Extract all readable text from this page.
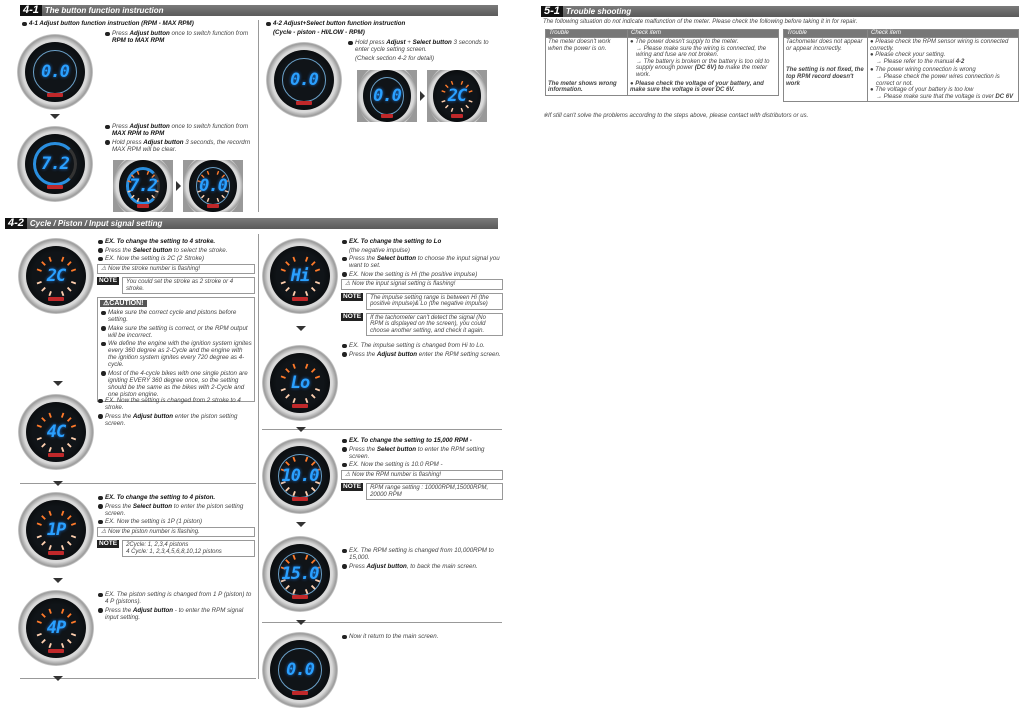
4-1 The button function instruction

4-1 Adjust button function instruction (RPM - MAX RPM)

0.0

Press Adjust button once to switch function from RPM to MAX RPM

7.2

Press Adjust button once to switch function from MAX RPM to RPM

Hold press Adjust button 3 seconds, the recordrn MAX RPM will be clear.

7.2 0.0

4-2 Adjust+Select button function instruction

(Cycle - piston - HI/LOW - RPM)

0.0

Hold press Adjust + Select button 3 seconds to enter cycle setting screen.

(Check section 4-2 for detail)

0.0	2C
4-2 Cycle / Piston / Input signal setting
2C

EX. To change the setting to 4 stroke.

Press the Select button to select the stroke.

EX. Now the setting is 2C (2 Stroke)

⚠ Now the stroke number is flashing!
NOTE	You could set the stroke as 2 stroke or 4 stroke.
⚠CAUTION!

Make sure the correct cycle and pistons before setting.

Make sure the setting is correct, or the RPM output will be incorrect.

We define the engine with the ignition system ignites every 360 degree as 2-Cycle and the engine with the ignition system ignites every 720 degree as 4-cycle.

Most of the 4-cycle bikes with one single piston are igniting EVERY 360 degree once, so the setting should be the same as the bikes with 2-Cycle and one piston engine.

4C

EX. Now the setting is changed from 2 stroke to 4 stroke.

Press the Adjust button enter the piston setting screen.

1P

EX. To change the setting to 4 piston.

Press the Select button to enter the piston setting screen.

EX. Now the setting is 1P (1 piston)

⚠ Now the piston number is flashing.
NOTE	2Cycle: 1, 2,3,4 pistons
4 Cycle: 1, 2,3,4,5,6,8,10,12 pistons
4P

EX. The piston setting is changed from 1 P (piston) to 4 P (pistons).

Press the Adjust button - to enter the RPM signal input setting.

Hi

EX. To change the setting to Lo

(the negative impulse)

Press the Select button to choose the input signal you want to set.

EX. Now the setting is Hi (the positive impulse)

⚠ Now the input signal setting is flashing!
NOTE	The impulse setting range is between Hi (the positive impulse)& Lo (the negative impulse)
NOTE	If the tachometer can't detect the signal (No RPM is displayed on the screen), you could choose another setting, and check it again.
Lo

EX. The impulse setting is changed from Hi to Lo.

Press the Adjust button enter the RPM setting screen.

10.0

EX. To change the setting to 15,000 RPM -

Press the Select button to enter the RPM setting screen.

EX. Now the setting is 10.0 RPM -

⚠ Now the RPM number is flashing!
NOTE	RPM range setting : 10000RPM,15000RPM, 20000 RPM
15.0

EX. The RPM setting is changed from 10,000RPM to 15,000.

Press Adjust button, to back the main screen.

0.0

Now it return to the main screen.

5-1 Trouble shooting
The following situation do not indicate malfunction of the meter. Please check the following before taking it in for repair.
Trouble	Check item
The meter doesn't work when the power is on.	● The power doesn't supply to the meter.

→ Please make sure the wiring is connected, the wiring and fuse are not broken.

→ The battery is broken or the battery is too old to supply enough power (DC 6V) to make the meter work.

The meter shows wrong information.	● Please check the voltage of your battery, and make sure the voltage is over DC 6V.
Trouble	Check item
Tachometer does not appear or appear incorrectly.	● Please check the RPM sensor wiring is connected correctly.

● Please check your setting.

→ Please refer to the manual 4-2

The setting is not fixed, the top RPM record doesn't work	● The power wiring connection is wrong

→ Please check the power wires connection is correct or not.

● The voltage of your battery is too low

→ Please make sure that the voltage is over DC 6V

※If still can't solve the problems according to the steps above, please contact with distributors or us.
